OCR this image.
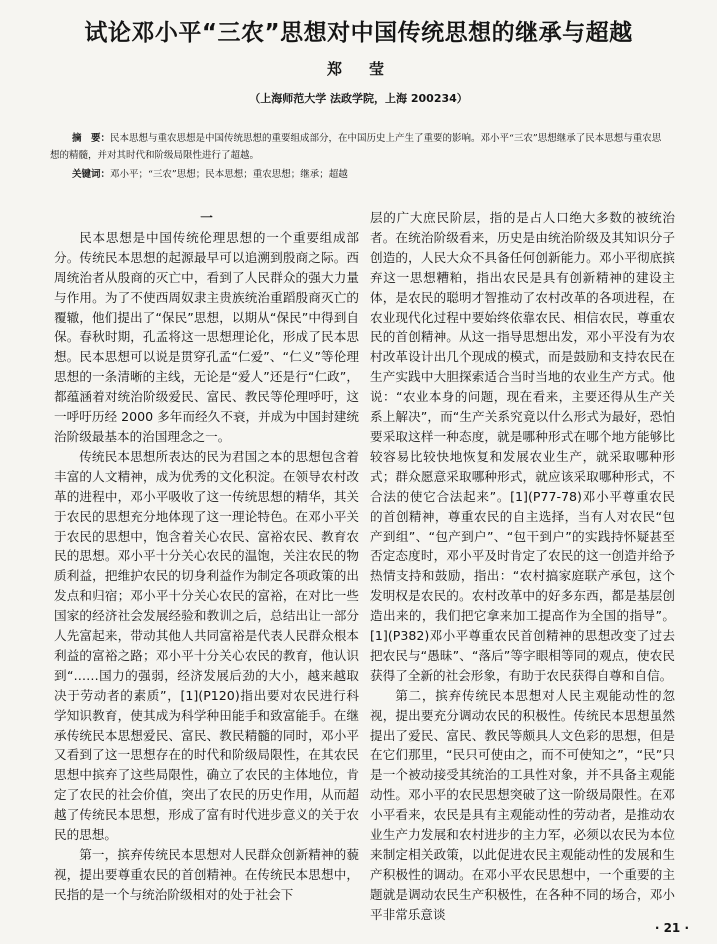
试论邓小平“三农”思想对中国传统思想的继承与超越
郑　莹
（上海师范大学 法政学院，上海 200234）

摘　要：民本思想与重农思想是中国传统思想的重要组成部分，在中国历史上产生了重要的影响。邓小平“三农”思想继承了民本思想与重农思想的精髓，并对其时代和阶级局限性进行了超越。

关键词：邓小平；“三农”思想；民本思想；重农思想；继承；超越

一

民本思想是中国传统伦理思想的一个重要组成部分。传统民本思想的起源最早可以追溯到殷商之际。西周统治者从殷商的灭亡中，看到了人民群众的强大力量与作用。为了不使西周奴隶主贵族统治重蹈殷商灭亡的覆辙，他们提出了“保民”思想，以期从“保民”中得到自保。春秋时期，孔孟将这一思想理论化，形成了民本思想。民本思想可以说是贯穿孔孟“仁爱”、“仁义”等伦理思想的一条清晰的主线，无论是“爱人”还是行“仁政”，都蕴涵着对统治阶级爱民、富民、教民等伦理呼吁，这一呼吁历经 2000 多年而经久不衰，并成为中国封建统治阶级最基本的治国理念之一。

传统民本思想所表达的民为君国之本的思想包含着丰富的人文精神，成为优秀的文化积淀。在领导农村改革的进程中，邓小平吸收了这一传统思想的精华，其关于农民的思想充分地体现了这一理论特色。在邓小平关于农民的思想中，饱含着关心农民、富裕农民、教育农民的思想。邓小平十分关心农民的温饱，关注农民的物质利益，把维护农民的切身利益作为制定各项政策的出发点和归宿；邓小平十分关心农民的富裕，在对比一些国家的经济社会发展经验和教训之后，总结出让一部分人先富起来，带动其他人共同富裕是代表人民群众根本利益的富裕之路；邓小平十分关心农民的教育，他认识到“……国力的强弱，经济发展后劲的大小，越来越取决于劳动者的素质”，[1](P120)指出要对农民进行科学知识教育，使其成为科学种田能手和致富能手。在继承传统民本思想爱民、富民、教民精髓的同时，邓小平又看到了这一思想存在的时代和阶级局限性，在其农民思想中摈弃了这些局限性，确立了农民的主体地位，肯定了农民的社会价值，突出了农民的历史作用，从而超越了传统民本思想，形成了富有时代进步意义的关于农民的思想。

第一，摈弃传统民本思想对人民群众创新精神的藐视，提出要尊重农民的首创精神。在传统民本思想中，民指的是一个与统治阶级相对的处于社会下

层的广大庶民阶层，指的是占人口绝大多数的被统治者。在统治阶级看来，历史是由统治阶级及其知识分子创造的，人民大众不具备任何创新能力。邓小平彻底摈弃这一思想糟粕，指出农民是具有创新精神的建设主体，是农民的聪明才智推动了农村改革的各项进程，在农业现代化过程中要始终依靠农民、相信农民，尊重农民的首创精神。从这一指导思想出发，邓小平没有为农村改革设计出几个现成的模式，而是鼓励和支持农民在生产实践中大胆探索适合当时当地的农业生产方式。他说：“农业本身的问题，现在看来，主要还得从生产关系上解决”，而“生产关系究竟以什么形式为最好，恐怕要采取这样一种态度，就是哪种形式在哪个地方能够比较容易比较快地恢复和发展农业生产，就采取哪种形式；群众愿意采取哪种形式，就应该采取哪种形式，不合法的使它合法起来”。[1](P77-78)邓小平尊重农民的首创精神，尊重农民的自主选择，当有人对农民“包产到组”、“包产到户”、“包干到户”的实践持怀疑甚至否定态度时，邓小平及时肯定了农民的这一创造并给予热情支持和鼓励，指出：“农村搞家庭联产承包，这个发明权是农民的。农村改革中的好多东西，都是基层创造出来的，我们把它拿来加工提高作为全国的指导”。[1](P382)邓小平尊重农民首创精神的思想改变了过去把农民与“愚昧”、“落后”等字眼相等同的观点，使农民获得了全新的社会形象，有助于农民获得自尊和自信。

第二，摈弃传统民本思想对人民主观能动性的忽视，提出要充分调动农民的积极性。传统民本思想虽然提出了爱民、富民、教民等颇具人文色彩的思想，但是在它们那里，“民只可使由之，而不可使知之”，“民”只是一个被动接受其统治的工具性对象，并不具备主观能动性。邓小平的农民思想突破了这一阶级局限性。在邓小平看来，农民是具有主观能动性的劳动者，是推动农业生产力发展和农村进步的主力军，必须以农民为本位来制定相关政策，以此促进农民主观能动性的发展和生产积极性的调动。在邓小平农民思想中，一个重要的主题就是调动农民生产积极性，在各种不同的场合，邓小平非常乐意谈

· 21 ·
